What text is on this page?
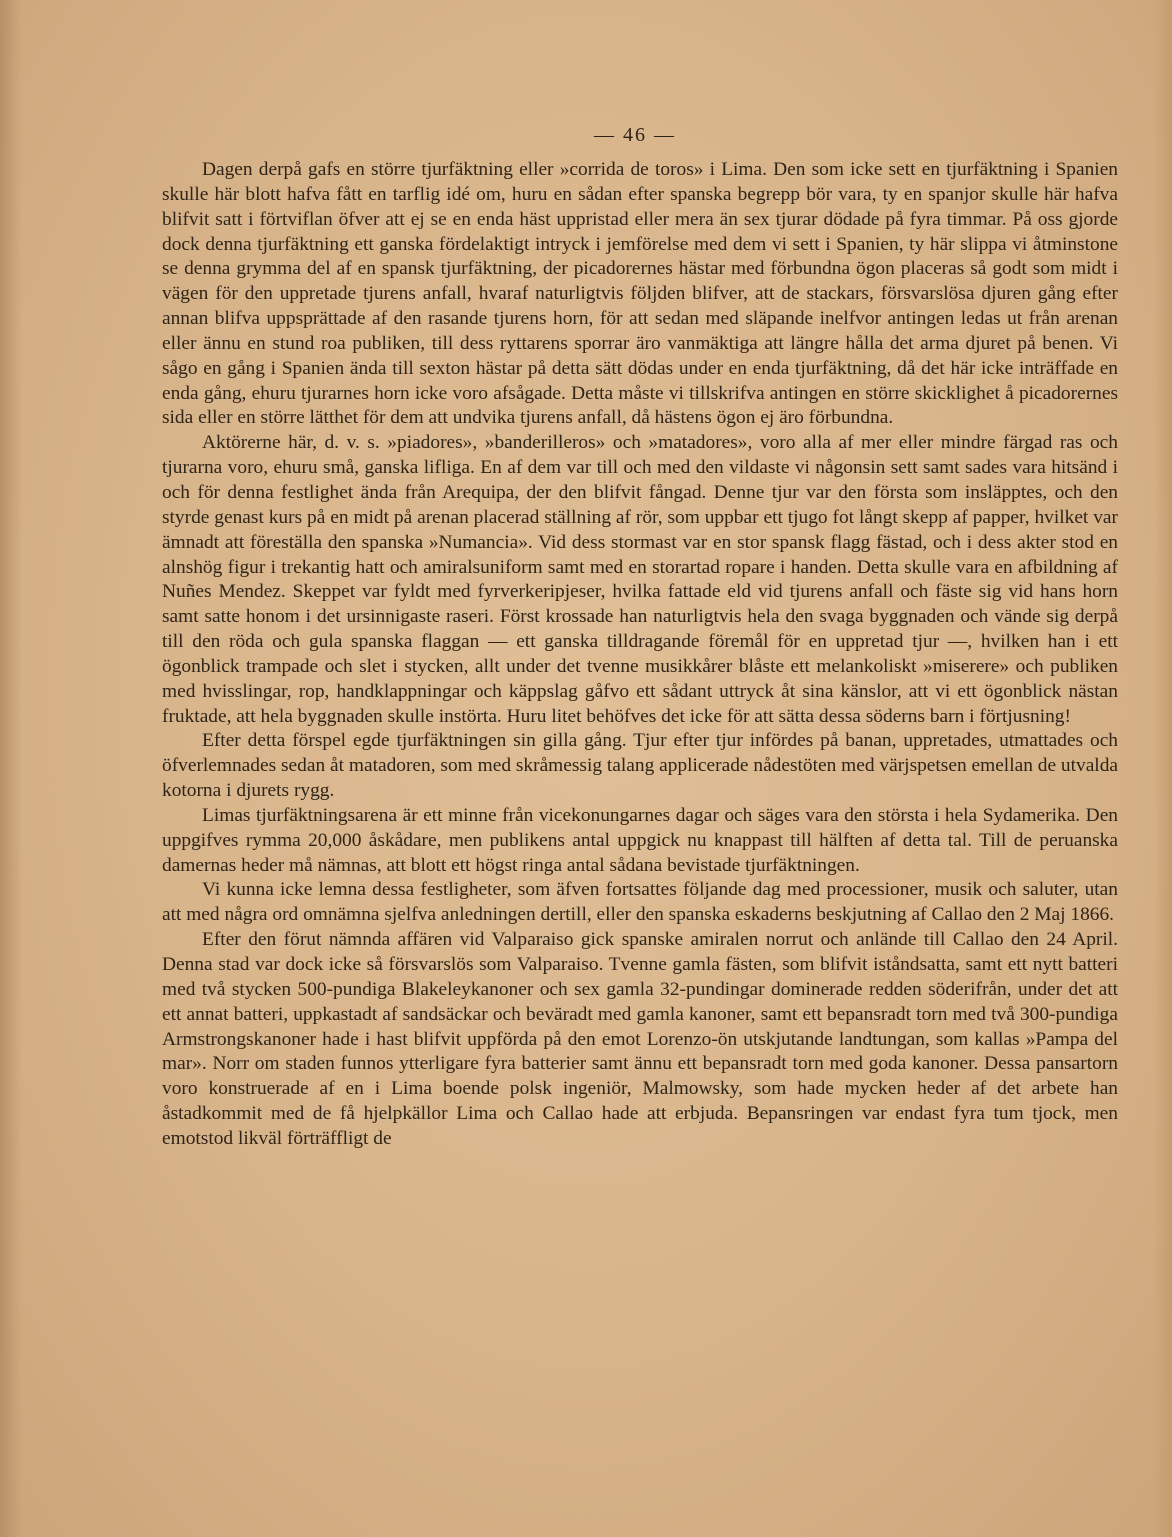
— 46 —

Dagen derpå gafs en större tjurfäktning eller »corrida de toros» i Lima. Den som icke sett en tjurfäktning i Spanien skulle här blott hafva fått en tarflig idé om, huru en sådan efter spanska begrepp bör vara, ty en spanjor skulle här hafva blifvit satt i förtviflan öfver att ej se en enda häst uppristad eller mera än sex tjurar dödade på fyra timmar. På oss gjorde dock denna tjurfäktning ett ganska fördelaktigt intryck i jemförelse med dem vi sett i Spanien, ty här slippa vi åtminstone se denna grymma del af en spansk tjurfäktning, der picadorernes hästar med förbundna ögon placeras så godt som midt i vägen för den uppretade tjurens anfall, hvaraf naturligtvis följden blifver, att de stackars, försvarslösa djuren gång efter annan blifva uppsprättade af den rasande tjurens horn, för att sedan med släpande inelfvor antingen ledas ut från arenan eller ännu en stund roa publiken, till dess ryttarens sporrar äro vanmäktiga att längre hålla det arma djuret på benen. Vi sågo en gång i Spanien ända till sexton hästar på detta sätt dödas under en enda tjurfäktning, då det här icke inträffade en enda gång, ehuru tjurarnes horn icke voro afsågade. Detta måste vi tillskrifva antingen en större skicklighet å picadorernes sida eller en större lätthet för dem att undvika tjurens anfall, då hästens ögon ej äro förbundna.

Aktörerne här, d. v. s. »piadores», »banderilleros» och »matadores», voro alla af mer eller mindre färgad ras och tjurarna voro, ehuru små, ganska lifliga. En af dem var till och med den vildaste vi någonsin sett samt sades vara hitsänd i och för denna festlighet ända från Arequipa, der den blifvit fångad. Denne tjur var den första som insläpptes, och den styrde genast kurs på en midt på arenan placerad ställning af rör, som uppbar ett tjugo fot långt skepp af papper, hvilket var ämnadt att föreställa den spanska »Numancia». Vid dess stormast var en stor spansk flagg fästad, och i dess akter stod en alnshög figur i trekantig hatt och amiralsuniform samt med en storartad ropare i handen. Detta skulle vara en afbildning af Nuñes Mendez. Skeppet var fyldt med fyrverkeripjeser, hvilka fattade eld vid tjurens anfall och fäste sig vid hans horn samt satte honom i det ursinnigaste raseri. Först krossade han naturligtvis hela den svaga byggnaden och vände sig derpå till den röda och gula spanska flaggan — ett ganska tilldragande föremål för en uppretad tjur —, hvilken han i ett ögonblick trampade och slet i stycken, allt under det tvenne musikkårer blåste ett melankoliskt »miserere» och publiken med hvisslingar, rop, handklappningar och käppslag gåfvo ett sådant uttryck åt sina känslor, att vi ett ögonblick nästan fruktade, att hela byggnaden skulle instörta. Huru litet behöfves det icke för att sätta dessa söderns barn i förtjusning!

Efter detta förspel egde tjurfäktningen sin gilla gång. Tjur efter tjur infördes på banan, uppretades, utmattades och öfverlemnades sedan åt matadoren, som med skråmessig talang applicerade nådestöten med värjspetsen emellan de utvalda kotorna i djurets rygg.

Limas tjurfäktningsarena är ett minne från vicekonungarnes dagar och säges vara den största i hela Sydamerika. Den uppgifves rymma 20,000 åskådare, men publikens antal uppgick nu knappast till hälften af detta tal. Till de peruanska damernas heder må nämnas, att blott ett högst ringa antal sådana bevistade tjurfäktningen.

Vi kunna icke lemna dessa festligheter, som äfven fortsattes följande dag med processioner, musik och saluter, utan att med några ord omnämna sjelfva anledningen dertill, eller den spanska eskaderns beskjutning af Callao den 2 Maj 1866.

Efter den förut nämnda affären vid Valparaiso gick spanske amiralen norrut och anlände till Callao den 24 April. Denna stad var dock icke så försvarslös som Valparaiso. Tvenne gamla fästen, som blifvit iståndsatta, samt ett nytt batteri med två stycken 500-pundiga Blakeleykanoner och sex gamla 32-pundingar dominerade redden söderifrån, under det att ett annat batteri, uppkastadt af sandsäckar och beväradt med gamla kanoner, samt ett bepansradt torn med två 300-pundiga Armstrongskanoner hade i hast blifvit uppförda på den emot Lorenzo-ön utskjutande landtungan, som kallas »Pampa del mar». Norr om staden funnos ytterligare fyra batterier samt ännu ett bepansradt torn med goda kanoner. Dessa pansartorn voro konstruerade af en i Lima boende polsk ingeniör, Malmowsky, som hade mycken heder af det arbete han åstadkommit med de få hjelpkällor Lima och Callao hade att erbjuda. Bepansringen var endast fyra tum tjock, men emotstod likväl förträffligt de
